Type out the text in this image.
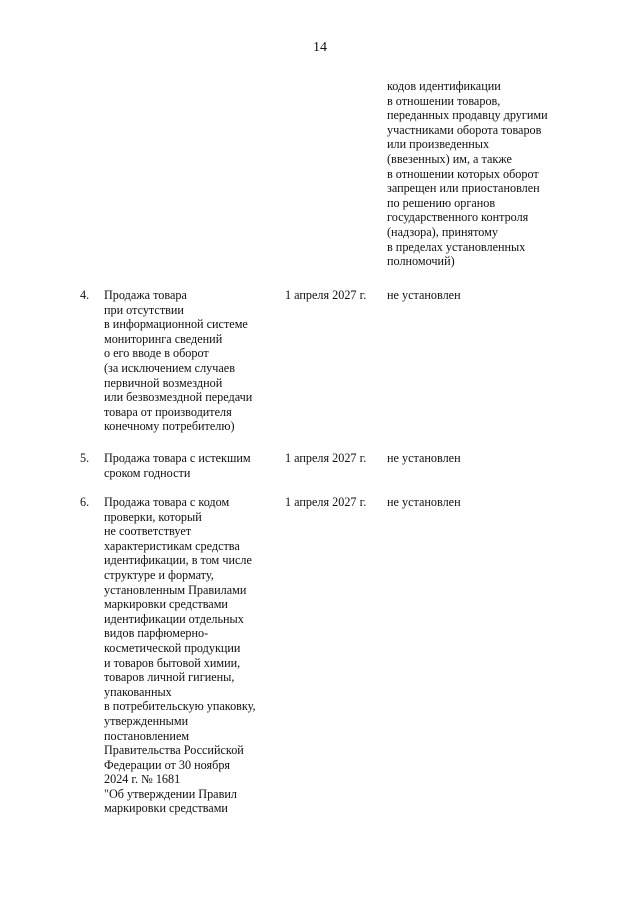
14
кодов идентификации
в отношении товаров,
переданных продавцу другими
участниками оборота товаров
или произведенных
(ввезенных) им, а также
в отношении которых оборот
запрещен или приостановлен
по решению органов
государственного контроля
(надзора), принятому
в пределах установленных
полномочий)
4. Продажа товара
при отсутствии
в информационной системе
мониторинга сведений
о его вводе в оборот
(за исключением случаев
первичной возмездной
или безвозмездной передачи
товара от производителя
конечному потребителю)
1 апреля 2027 г. не установлен
5. Продажа товара с истекшим
сроком годности
1 апреля 2027 г. не установлен
6. Продажа товара с кодом
проверки, который
не соответствует
характеристикам средства
идентификации, в том числе
структуре и формату,
установленным Правилами
маркировки средствами
идентификации отдельных
видов парфюмерно-
косметической продукции
и товаров бытовой химии,
товаров личной гигиены,
упакованных
в потребительскую упаковку,
утвержденными
постановлением
Правительства Российской
Федерации от 30 ноября
2024 г. № 1681
"Об утверждении Правил
маркировки средствами
1 апреля 2027 г. не установлен
